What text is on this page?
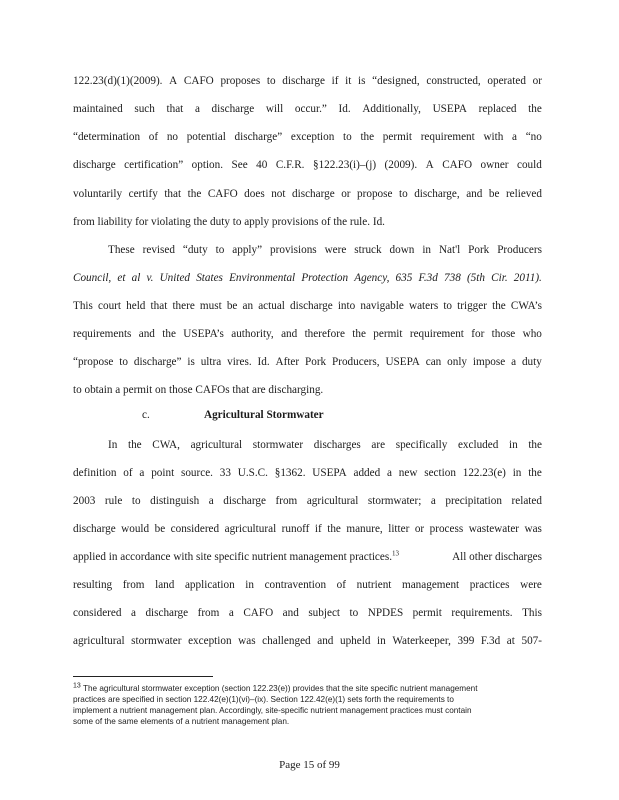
122.23(d)(1)(2009). A CAFO proposes to discharge if it is “designed, constructed, operated or
maintained such that a discharge will occur.” Id. Additionally, USEPA replaced the
“determination of no potential discharge” exception to the permit requirement with a “no
discharge certification” option. See 40 C.F.R. §122.23(i)–(j) (2009). A CAFO owner could
voluntarily certify that the CAFO does not discharge or propose to discharge, and be relieved
from liability for violating the duty to apply provisions of the rule. Id.
These revised “duty to apply” provisions were struck down in Nat'l Pork Producers
Council, et al v. United States Environmental Protection Agency, 635 F.3d 738 (5th Cir. 2011).
This court held that there must be an actual discharge into navigable waters to trigger the CWA’s
requirements and the USEPA’s authority, and therefore the permit requirement for those who
“propose to discharge” is ultra vires. Id. After Pork Producers, USEPA can only impose a duty
to obtain a permit on those CAFOs that are discharging.
c.	Agricultural Stormwater
In the CWA, agricultural stormwater discharges are specifically excluded in the
definition of a point source. 33 U.S.C. §1362. USEPA added a new section 122.23(e) in the
2003 rule to distinguish a discharge from agricultural stormwater; a precipitation related
discharge would be considered agricultural runoff if the manure, litter or process wastewater was
applied in accordance with site specific nutrient management practices.$^{13}$	All other discharges
resulting from land application in contravention of nutrient management practices were
considered a discharge from a CAFO and subject to NPDES permit requirements. This
agricultural stormwater exception was challenged and upheld in Waterkeeper, 399 F.3d at 507-
13 The agricultural stormwater exception (section 122.23(e)) provides that the site specific nutrient management
practices are specified in section 122.42(e)(1)(vi)–(ix). Section 122.42(e)(1) sets forth the requirements to
implement a nutrient management plan. Accordingly, site-specific nutrient management practices must contain
some of the same elements of a nutrient management plan.
Page 15 of 99
